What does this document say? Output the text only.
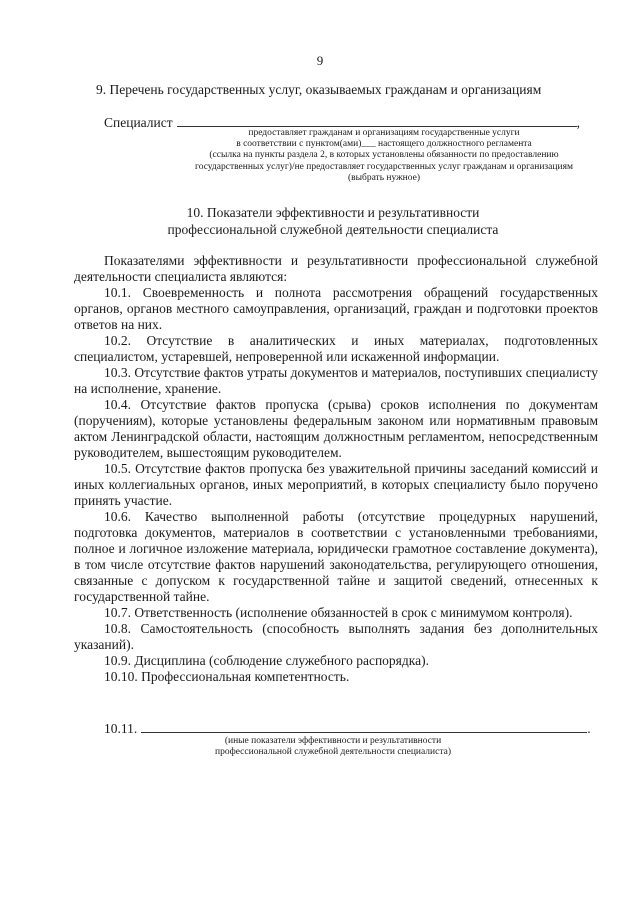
9
9. Перечень государственных услуг, оказываемых гражданам и организациям
Специалист	,
предоставляет гражданам и организациям государственные услуги
в соответствии с пунктом(ами)___ настоящего должностного регламента
(ссылка на пункты раздела 2, в которых установлены обязанности по предоставлению
государственных услуг)/не предоставляет государственных услуг гражданам и организациям
(выбрать нужное)
10. Показатели эффективности и результативности
профессиональной служебной деятельности специалиста

Показателями эффективности и результативности профессиональной служебной деятельности специалиста являются:

10.1. Своевременность и полнота рассмотрения обращений государственных органов, органов местного самоуправления, организаций, граждан и подготовки проектов ответов на них.

10.2. Отсутствие в аналитических и иных материалах, подготовленных специалистом, устаревшей, непроверенной или искаженной информации.

10.3. Отсутствие фактов утраты документов и материалов, поступивших специалисту на исполнение, хранение.

10.4. Отсутствие фактов пропуска (срыва) сроков исполнения по документам (поручениям), которые установлены федеральным законом или нормативным правовым актом Ленинградской области, настоящим должностным регламентом, непосредственным руководителем, вышестоящим руководителем.

10.5. Отсутствие фактов пропуска без уважительной причины заседаний комиссий и иных коллегиальных органов, иных мероприятий, в которых специалисту было поручено принять участие.

10.6. Качество выполненной работы (отсутствие процедурных нарушений, подготовка документов, материалов в соответствии с установленными требованиями, полное и логичное изложение материала, юридически грамотное составление документа), в том числе отсутствие фактов нарушений законодательства, регулирующего отношения, связанные с допуском к государственной тайне и защитой сведений, отнесенных к государственной тайне.

10.7. Ответственность (исполнение обязанностей в срок с минимумом контроля).

10.8. Самостоятельность (способность выполнять задания без дополнительных указаний).

10.9. Дисциплина (соблюдение служебного распорядка).

10.10. Профессиональная компетентность.

10.11.	.
(иные показатели эффективности и результативности
профессиональной служебной деятельности специалиста)
